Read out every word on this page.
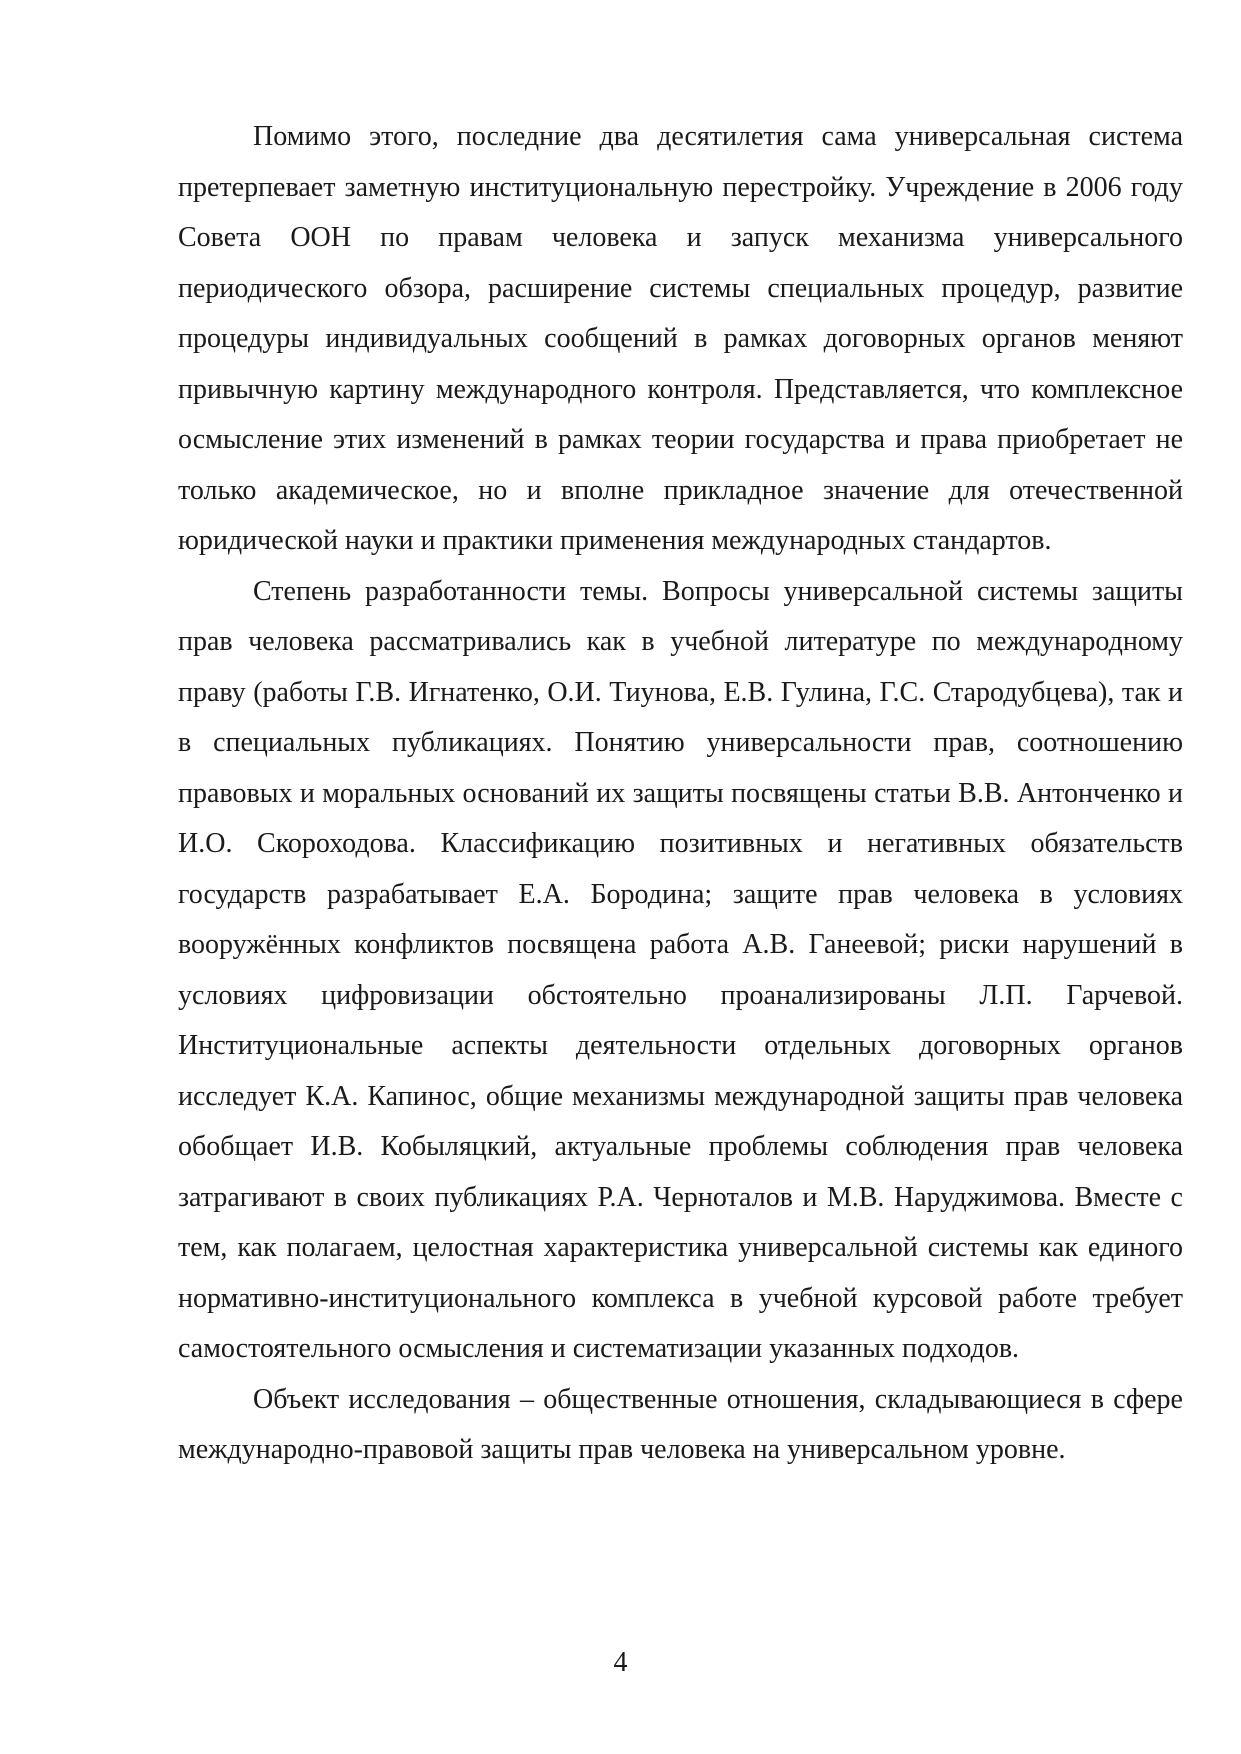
Помимо этого, последние два десятилетия сама универсальная система претерпевает заметную институциональную перестройку. Учреждение в 2006 году Совета ООН по правам человека и запуск механизма универсального периодического обзора, расширение системы специальных процедур, развитие процедуры индивидуальных сообщений в рамках договорных органов меняют привычную картину международного контроля. Представляется, что комплексное осмысление этих изменений в рамках теории государства и права приобретает не только академическое, но и вполне прикладное значение для отечественной юридической науки и практики применения международных стандартов.

Степень разработанности темы. Вопросы универсальной системы защиты прав человека рассматривались как в учебной литературе по международному праву (работы Г.В. Игнатенко, О.И. Тиунова, Е.В. Гулина, Г.С. Стародубцева), так и в специальных публикациях. Понятию универсальности прав, соотношению правовых и моральных оснований их защиты посвящены статьи В.В. Антонченко и И.О. Скороходова. Классификацию позитивных и негативных обязательств государств разрабатывает Е.А. Бородина; защите прав человека в условиях вооружённых конфликтов посвящена работа А.В. Ганеевой; риски нарушений в условиях цифровизации обстоятельно проанализированы Л.П. Гарчевой. Институциональные аспекты деятельности отдельных договорных органов исследует К.А. Капинос, общие механизмы международной защиты прав человека обобщает И.В. Кобыляцкий, актуальные проблемы соблюдения прав человека затрагивают в своих публикациях Р.А. Черноталов и М.В. Наруджимова. Вместе с тем, как полагаем, целостная характеристика универсальной системы как единого нормативно-институционального комплекса в учебной курсовой работе требует самостоятельного осмысления и систематизации указанных подходов.

Объект исследования – общественные отношения, складывающиеся в сфере международно-правовой защиты прав человека на универсальном уровне.

4
